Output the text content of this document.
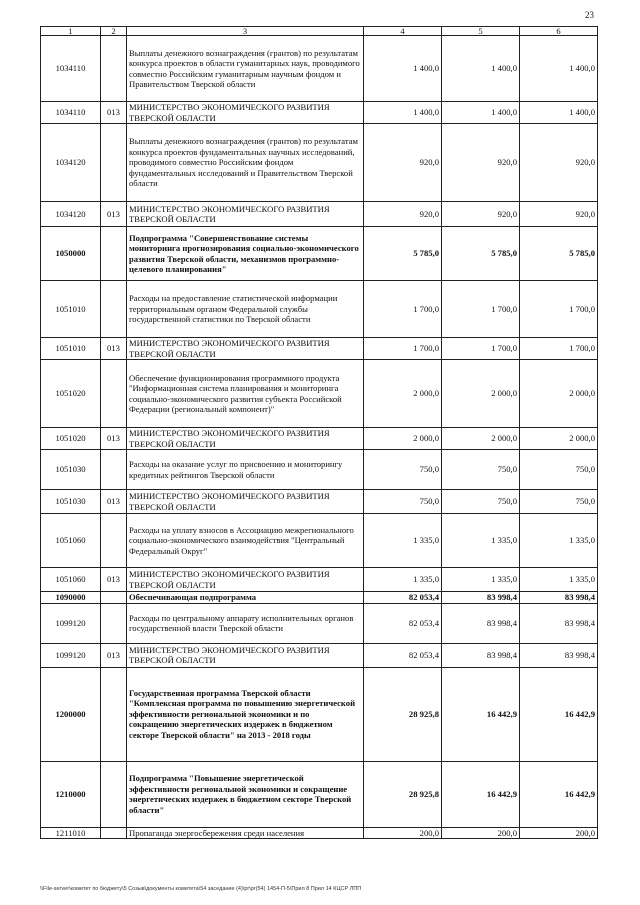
23
1	2	3	4	5	6
1034110		Выплаты денежного вознаграждения (грантов) по результатам конкурса проектов в области гуманитарных наук, проводимого совместно Российским гуманитарным научным фондом и Правительством Тверской области	1 400,0	1 400,0	1 400,0
1034110	013	МИНИСТЕРСТВО ЭКОНОМИЧЕСКОГО РАЗВИТИЯ ТВЕРСКОЙ ОБЛАСТИ	1 400,0	1 400,0	1 400,0
1034120		Выплаты денежного вознаграждения (грантов) по результатам конкурса проектов фундаментальных научных исследований, проводимого совместно Российским фондом фундаментальных исследований и Правительством Тверской области	920,0	920,0	920,0
1034120	013	МИНИСТЕРСТВО ЭКОНОМИЧЕСКОГО РАЗВИТИЯ ТВЕРСКОЙ ОБЛАСТИ	920,0	920,0	920,0
1050000		Подпрограмма "Совершенствование системы мониторинга прогнозирования социально-экономического развития Тверской области, механизмов программно-целевого планирования"	5 785,0	5 785,0	5 785,0
1051010		Расходы на предоставление статистической информации территориальным органом Федеральной службы государственной статистики по Тверской области	1 700,0	1 700,0	1 700,0
1051010	013	МИНИСТЕРСТВО ЭКОНОМИЧЕСКОГО РАЗВИТИЯ ТВЕРСКОЙ ОБЛАСТИ	1 700,0	1 700,0	1 700,0
1051020		Обеспечение функционирования программного продукта "Информационная система планирования и мониторинга социально-экономического развития субъекта Российской Федерации (региональный компонент)"	2 000,0	2 000,0	2 000,0
1051020	013	МИНИСТЕРСТВО ЭКОНОМИЧЕСКОГО РАЗВИТИЯ ТВЕРСКОЙ ОБЛАСТИ	2 000,0	2 000,0	2 000,0
1051030		Расходы на оказание услуг по присвоению и мониторингу кредитных рейтингов Тверской области	750,0	750,0	750,0
1051030	013	МИНИСТЕРСТВО ЭКОНОМИЧЕСКОГО РАЗВИТИЯ ТВЕРСКОЙ ОБЛАСТИ	750,0	750,0	750,0
1051060		Расходы на уплату взносов в Ассоциацию межрегионального социально-экономического взаимодействия "Центральный Федеральный Округ"	1 335,0	1 335,0	1 335,0
1051060	013	МИНИСТЕРСТВО ЭКОНОМИЧЕСКОГО РАЗВИТИЯ ТВЕРСКОЙ ОБЛАСТИ	1 335,0	1 335,0	1 335,0
1090000		Обеспечивающая подпрограмма	82 053,4	83 998,4	83 998,4
1099120		Расходы по центральному аппарату исполнительных органов государственной власти Тверской области	82 053,4	83 998,4	83 998,4
1099120	013	МИНИСТЕРСТВО ЭКОНОМИЧЕСКОГО РАЗВИТИЯ ТВЕРСКОЙ ОБЛАСТИ	82 053,4	83 998,4	83 998,4
1200000		Государственная программа Тверской области "Комплексная программа по повышению энергетической эффективности региональной экономики и по сокращению энергетических издержек в бюджетном секторе Тверской области" на 2013 - 2018 годы	28 925,8	16 442,9	16 442,9
1210000		Подпрограмма "Повышение энергетической эффективности региональной экономики и сокращение энергетических издержек в бюджетном секторе Тверской области"	28 925,8	16 442,9	16 442,9
1211010		Пропаганда энергосбережения среди населения	200,0	200,0	200,0
\\File-server\комитет по бюджету\5 Созыв\документы комитета\54 заседание (4)\pr\pr(54) 1454-П-5\Прил 8 Прил 14 КЦСР ЛПП
